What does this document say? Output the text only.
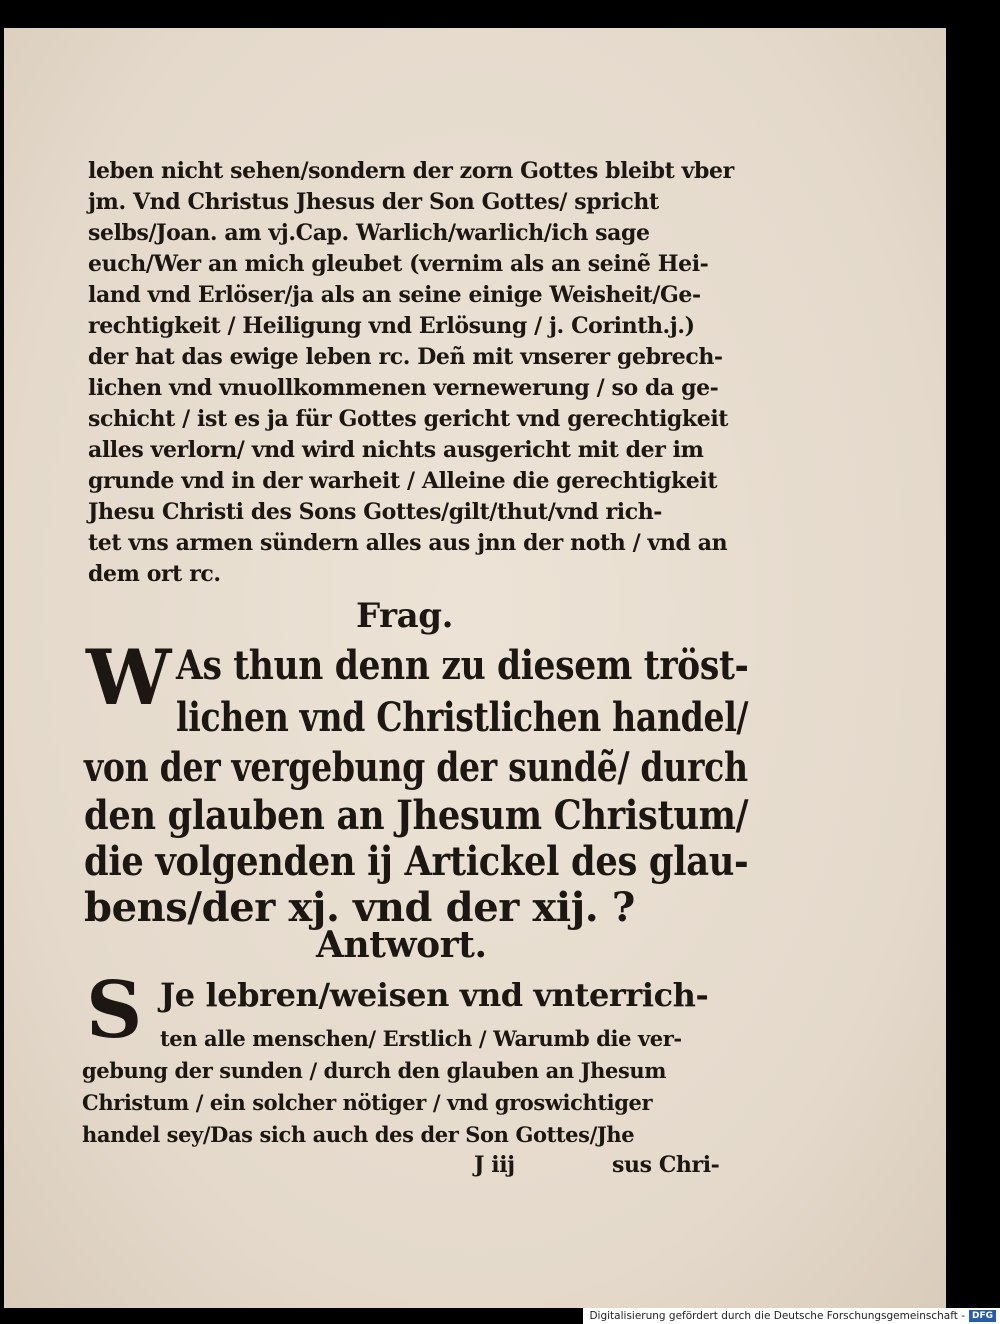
leben nicht sehen/sondern der zorn Gottes bleibt vber
jm. Vnd Christus Jhesus der Son Gottes/ spricht
selbs/Joan. am vj.Cap. Warlich/warlich/ich sage
euch/Wer an mich gleubet (vernim als an seinẽ Hei-
land vnd Erlöser/ja als an seine einige Weisheit/Ge-
rechtigkeit / Heiligung vnd Erlösung / j. Corinth.j.)
der hat das ewige leben rc. Deñ mit vnserer gebrech-
lichen vnd vnuollkommenen vernewerung / so da ge-
schicht / ist es ja für Gottes gericht vnd gerechtigkeit
alles verlorn/ vnd wird nichts ausgericht mit der im
grunde vnd in der warheit / Alleine die gerechtigkeit
Jhesu Christi des Sons Gottes/gilt/thut/vnd rich-
tet vns armen sündern alles aus jnn der noth / vnd an
dem ort rc.
Frag.
W As thun denn zu diesem tröst-
lichen vnd Christlichen handel/
von der vergebung der sundẽ/ durch
den glauben an Jhesum Christum/
die volgenden ij Artickel des glau-
bens/der xj. vnd der xij. ?
Antwort.
S Je lebren/weisen vnd vnterrich-
ten alle menschen/ Erstlich / Warumb die ver-
gebung der sunden / durch den glauben an Jhesum
Christum / ein solcher nötiger / vnd groswichtiger
handel sey/Das sich auch des der Son Gottes/Jhe
J iij	sus Chri-
Digitalisierung gefördert durch die Deutsche Forschungsgemeinschaft - DFG
